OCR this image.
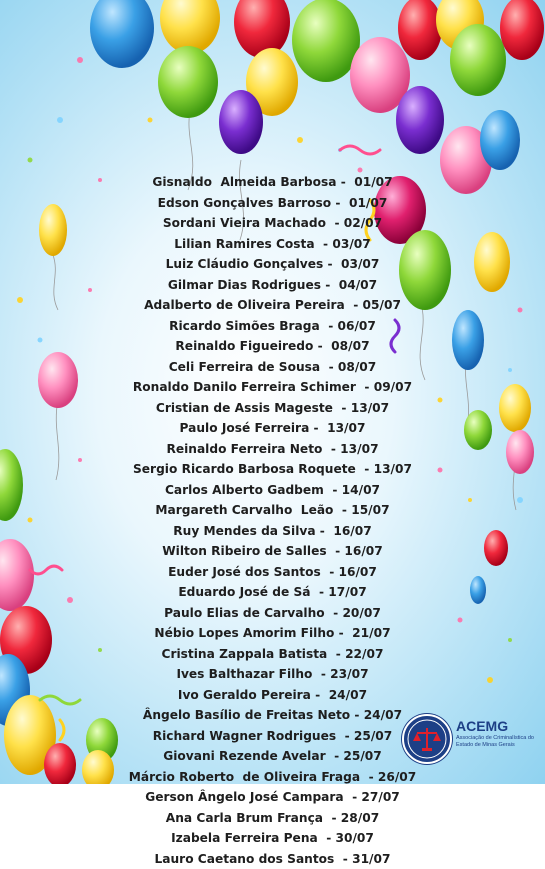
Gisnaldo  Almeida Barbosa -  01/07
Edson Gonçalves Barroso -  01/07
Sordani Vieira Machado  - 02/07
Lilian Ramires Costa  - 03/07
Luiz Cláudio Gonçalves -  03/07
Gilmar Dias Rodrigues -  04/07
Adalberto de Oliveira Pereira  - 05/07
Ricardo Simões Braga  - 06/07
Reinaldo Figueiredo -  08/07
Celi Ferreira de Sousa  - 08/07
Ronaldo Danilo Ferreira Schimer  - 09/07
Cristian de Assis Mageste  - 13/07
Paulo José Ferreira -  13/07
Reinaldo Ferreira Neto  - 13/07
Sergio Ricardo Barbosa Roquete  - 13/07
Carlos Alberto Gadbem  - 14/07
Margareth Carvalho  Leão  - 15/07
Ruy Mendes da Silva -  16/07
Wilton Ribeiro de Salles  - 16/07
Euder José dos Santos  - 16/07
Eduardo José de Sá  - 17/07
Paulo Elias de Carvalho  - 20/07
Nébio Lopes Amorim Filho -  21/07
Cristina Zappala Batista  - 22/07
Ives Balthazar Filho  - 23/07
Ivo Geraldo Pereira -  24/07
Ângelo Basílio de Freitas Neto - 24/07
Richard Wagner Rodrigues  - 25/07
Giovani Rezende Avelar  - 25/07
Márcio Roberto  de Oliveira Fraga  - 26/07
Gerson Ângelo José Campara  - 27/07
Ana Carla Brum França  - 28/07
Izabela Ferreira Pena  - 30/07
Lauro Caetano dos Santos  - 31/07
ACEMG
Associação de Criminalística do Estado de Minas Gerais
